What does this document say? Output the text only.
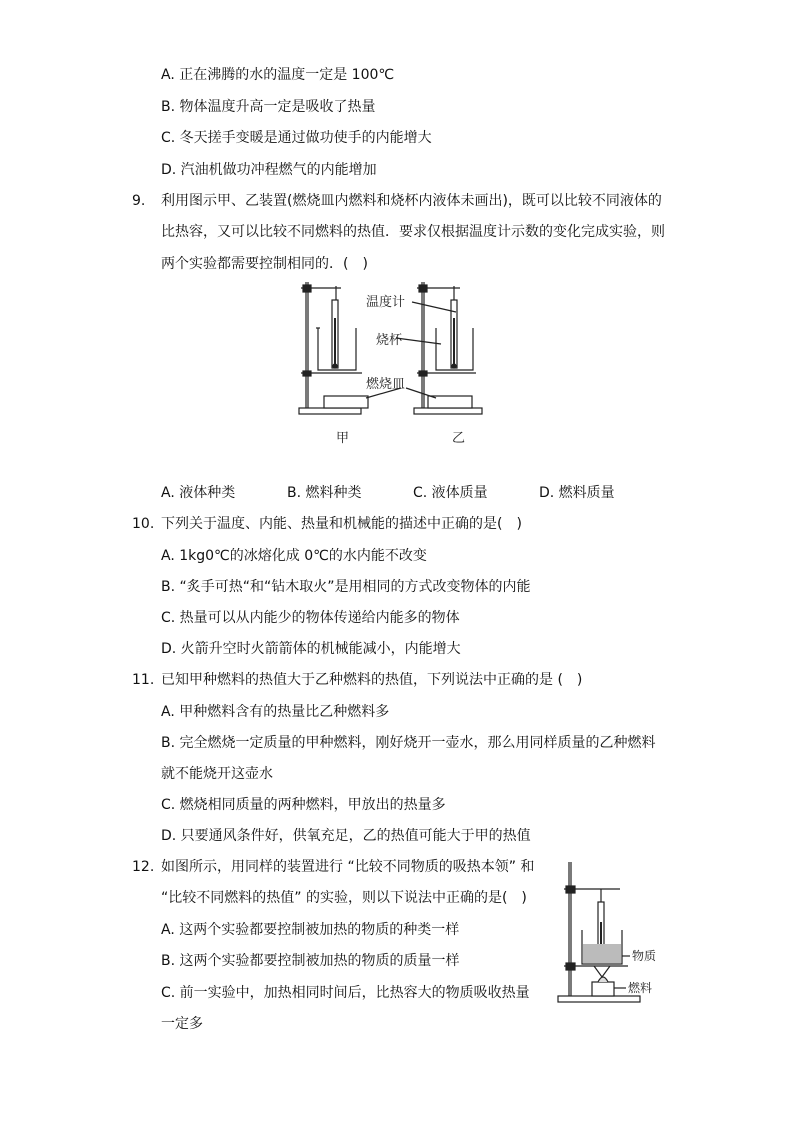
A. 正在沸腾的水的温度一定是 100℃
B. 物体温度升高一定是吸收了热量
C. 冬天搓手变暖是通过做功使手的内能增大
D. 汽油机做功冲程燃气的内能增加
9.	利用图示甲、乙装置(燃烧皿内燃料和烧杯内液体未画出)，既可以比较不同液体的
比热容，又可以比较不同燃料的热值．要求仅根据温度计示数的变化完成实验，则
两个实验都需要控制相同的．(　)
温度计
烧杯
燃烧皿
甲	乙
A. 液体种类	B. 燃料种类	C. 液体质量	D. 燃料质量
10. 下列关于温度、内能、热量和机械能的描述中正确的是(　)
A. 1kg0℃的冰熔化成 0℃的水内能不改变
B. “炙手可热“和“钻木取火”是用相同的方式改变物体的内能
C. 热量可以从内能少的物体传递给内能多的物体
D. 火箭升空时火箭箭体的机械能减小，内能增大
11. 已知甲种燃料的热值大于乙种燃料的热值，下列说法中正确的是 (　)
A. 甲种燃料含有的热量比乙种燃料多
B. 完全燃烧一定质量的甲种燃料，刚好烧开一壶水，那么用同样质量的乙种燃料
就不能烧开这壶水
C. 燃烧相同质量的两种燃料，甲放出的热量多
D. 只要通风条件好，供氧充足，乙的热值可能大于甲的热值
12. 如图所示，用同样的装置进行 “比较不同物质的吸热本领” 和
“比较不同燃料的热值” 的实验，则以下说法中正确的是(　)
A. 这两个实验都要控制被加热的物质的种类一样
B. 这两个实验都要控制被加热的物质的质量一样
C. 前一实验中，加热相同时间后，比热容大的物质吸收热量
一定多
物质
燃料
